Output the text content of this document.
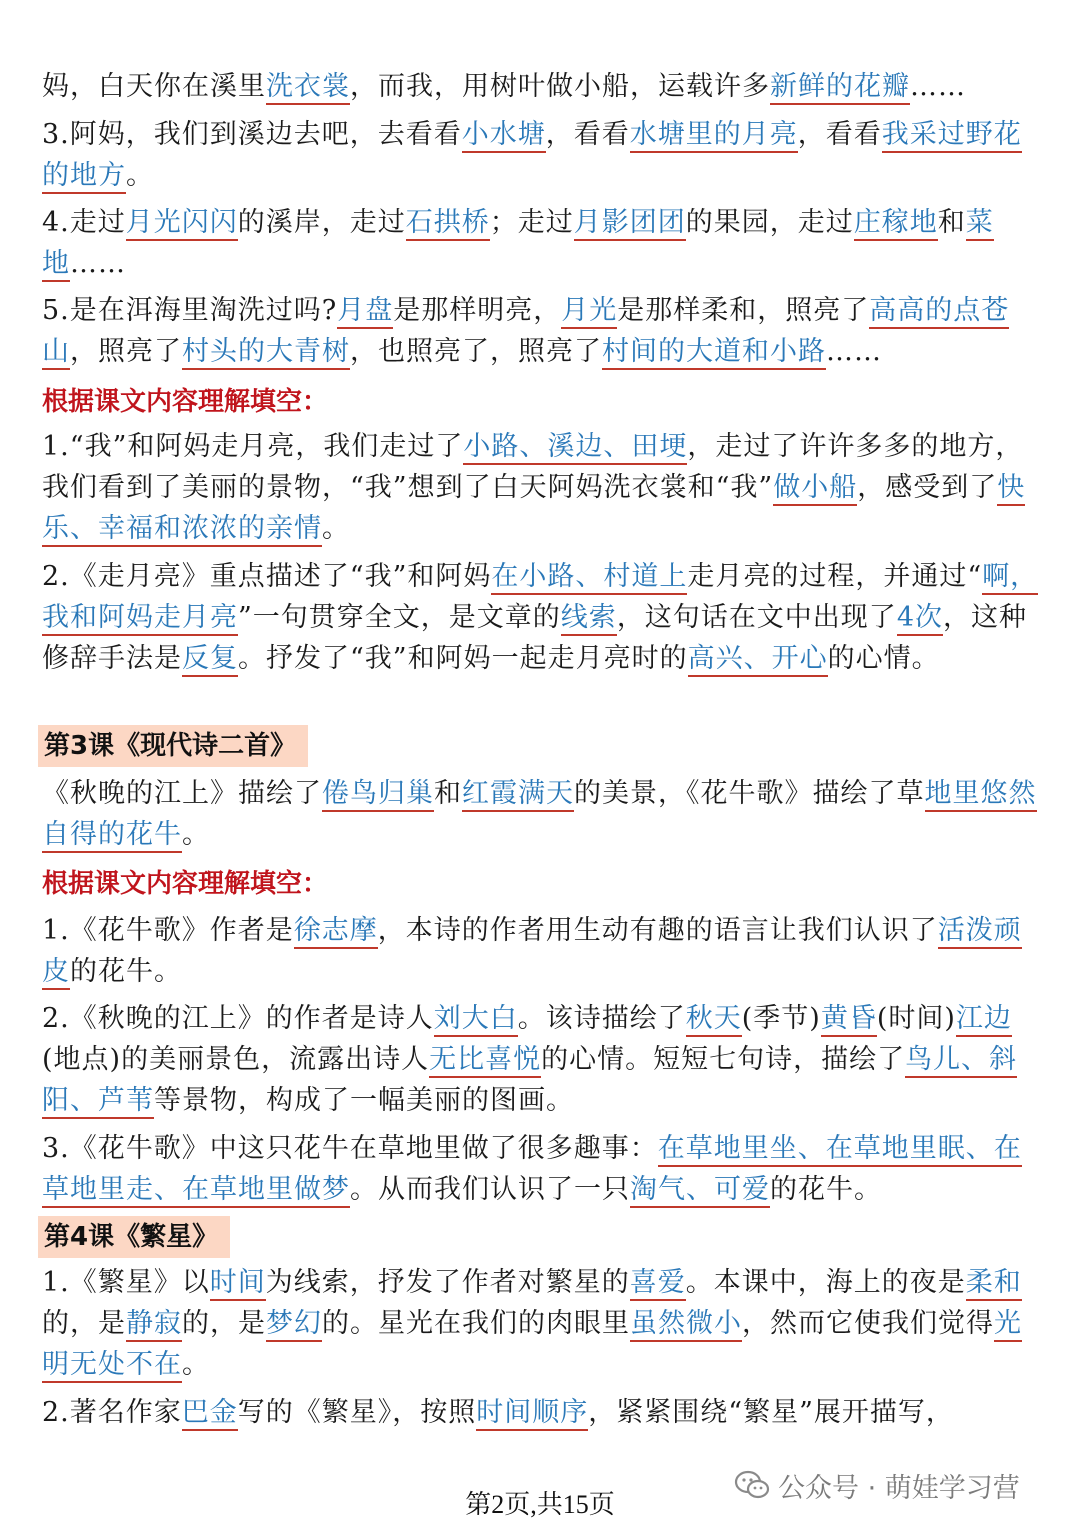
妈，白天你在溪里洗衣裳，而我，用树叶做小船，运载许多新鲜的花瓣……

3.阿妈，我们到溪边去吧，去看看小水塘，看看水塘里的月亮，看看我采过野花的地方。

4.走过月光闪闪的溪岸，走过石拱桥；走过月影团团的果园，走过庄稼地和菜地……

5.是在洱海里淘洗过吗?月盘是那样明亮，月光是那样柔和，照亮了高高的点苍山，照亮了村头的大青树，也照亮了，照亮了村间的大道和小路……

1.“我”和阿妈走月亮，我们走过了小路、溪边、田埂，走过了许许多多的地方，我们看到了美丽的景物，“我”想到了白天阿妈洗衣裳和“我”做小船，感受到了快乐、幸福和浓浓的亲情。

2.《走月亮》重点描述了“我”和阿妈在小路、村道上走月亮的过程，并通过“啊，我和阿妈走月亮”一句贯穿全文，是文章的线索，这句话在文中出现了4次，这种修辞手法是反复。抒发了“我”和阿妈一起走月亮时的高兴、开心的心情。

《秋晚的江上》描绘了倦鸟归巢和红霞满天的美景，《花牛歌》描绘了草地里悠然自得的花牛。

1.《花牛歌》作者是徐志摩，本诗的作者用生动有趣的语言让我们认识了活泼顽皮的花牛。

2.《秋晚的江上》的作者是诗人刘大白。该诗描绘了秋天(季节)黄昏(时间)江边(地点)的美丽景色，流露出诗人无比喜悦的心情。短短七句诗，描绘了鸟儿、斜阳、芦苇等景物，构成了一幅美丽的图画。

3.《花牛歌》中这只花牛在草地里做了很多趣事：在草地里坐、在草地里眠、在草地里走、在草地里做梦。从而我们认识了一只淘气、可爱的花牛。

1.《繁星》以时间为线索，抒发了作者对繁星的喜爱。本课中，海上的夜是柔和的，是静寂的，是梦幻的。星光在我们的肉眼里虽然微小，然而它使我们觉得光明无处不在。

2.著名作家巴金写的《繁星》，按照时间顺序，紧紧围绕“繁星”展开描写，

根据课文内容理解填空：
根据课文内容理解填空：
第3课《现代诗二首》
第4课《繁星》
第2页,共15页
公众号 · 萌娃学习营
